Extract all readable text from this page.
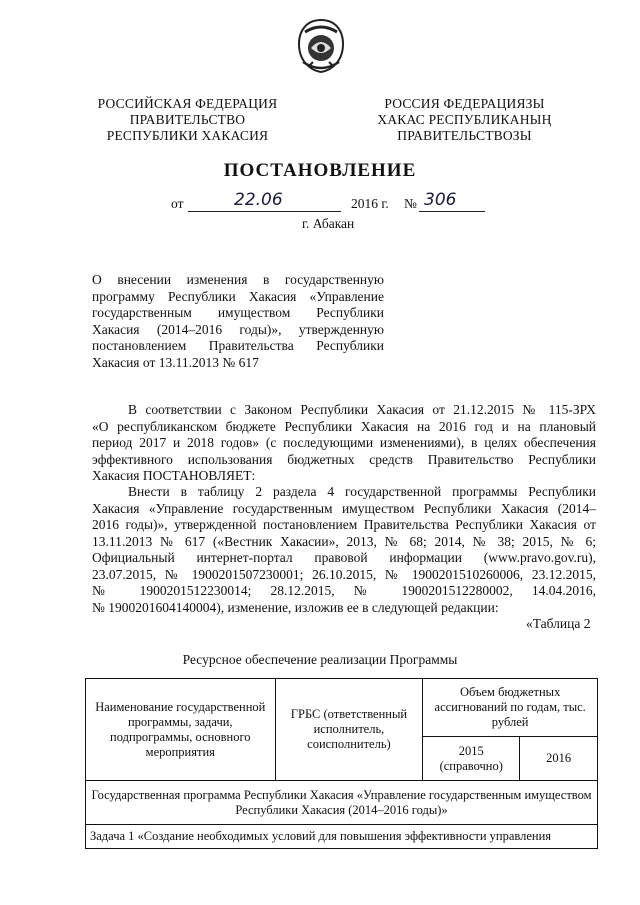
РОССИЙСКАЯ ФЕДЕРАЦИЯ
ПРАВИТЕЛЬСТВО
РЕСПУБЛИКИ ХАКАСИЯ
РОССИЯ ФЕДЕРАЦИЯЗЫ
ХАКАС РЕСПУБЛИКАНЫҢ
ПРАВИТЕЛЬСТВОЗЫ
ПОСТАНОВЛЕНИЕ
от	22.06	2016 г. № 306
г. Абакан
О внесении изменения в государственную
программу Республики Хакасия «Управление
государственным имуществом Республики
Хакасия (2014–2016 годы)», утвержденную
постановлением Правительства Республики
Хакасия от 13.11.2013 № 617
В соответствии с Законом Республики Хакасия от 21.12.2015 № 115-ЗРХ
«О республиканском бюджете Республики Хакасия на 2016 год и на плановый
период 2017 и 2018 годов» (с последующими изменениями), в целях обеспечения
эффективного использования бюджетных средств Правительство Республики
Хакасия ПОСТАНОВЛЯЕТ:
Внести в таблицу 2 раздела 4 государственной программы Республики
Хакасия «Управление государственным имуществом Республики Хакасия (2014–
2016 годы)», утвержденной постановлением Правительства Республики Хакасия от
13.11.2013 № 617 («Вестник Хакасии», 2013, № 68; 2014, № 38; 2015, № 6;
Официальный интернет-портал правовой информации (www.pravo.gov.ru),
23.07.2015, № 1900201507230001; 26.10.2015, № 1900201510260006, 23.12.2015,
№ 1900201512230014; 28.12.2015, № 1900201512280002, 14.04.2016,
№ 1900201604140004), изменение, изложив ее в следующей редакции:
«Таблица 2
Ресурсное обеспечение реализации Программы
Наименование государственной программы, задачи, подпрограммы, основного мероприятия	ГРБС (ответственный исполнитель, соисполнитель)	Объем бюджетных ассигнований по годам, тыс. рублей	
		2015 (справочно)	2016
Государственная программа Республики Хакасия «Управление государственным имуществом Республики Хакасия (2014–2016 годы)»			
Задача 1 «Создание необходимых условий для повышения эффективности управления			
